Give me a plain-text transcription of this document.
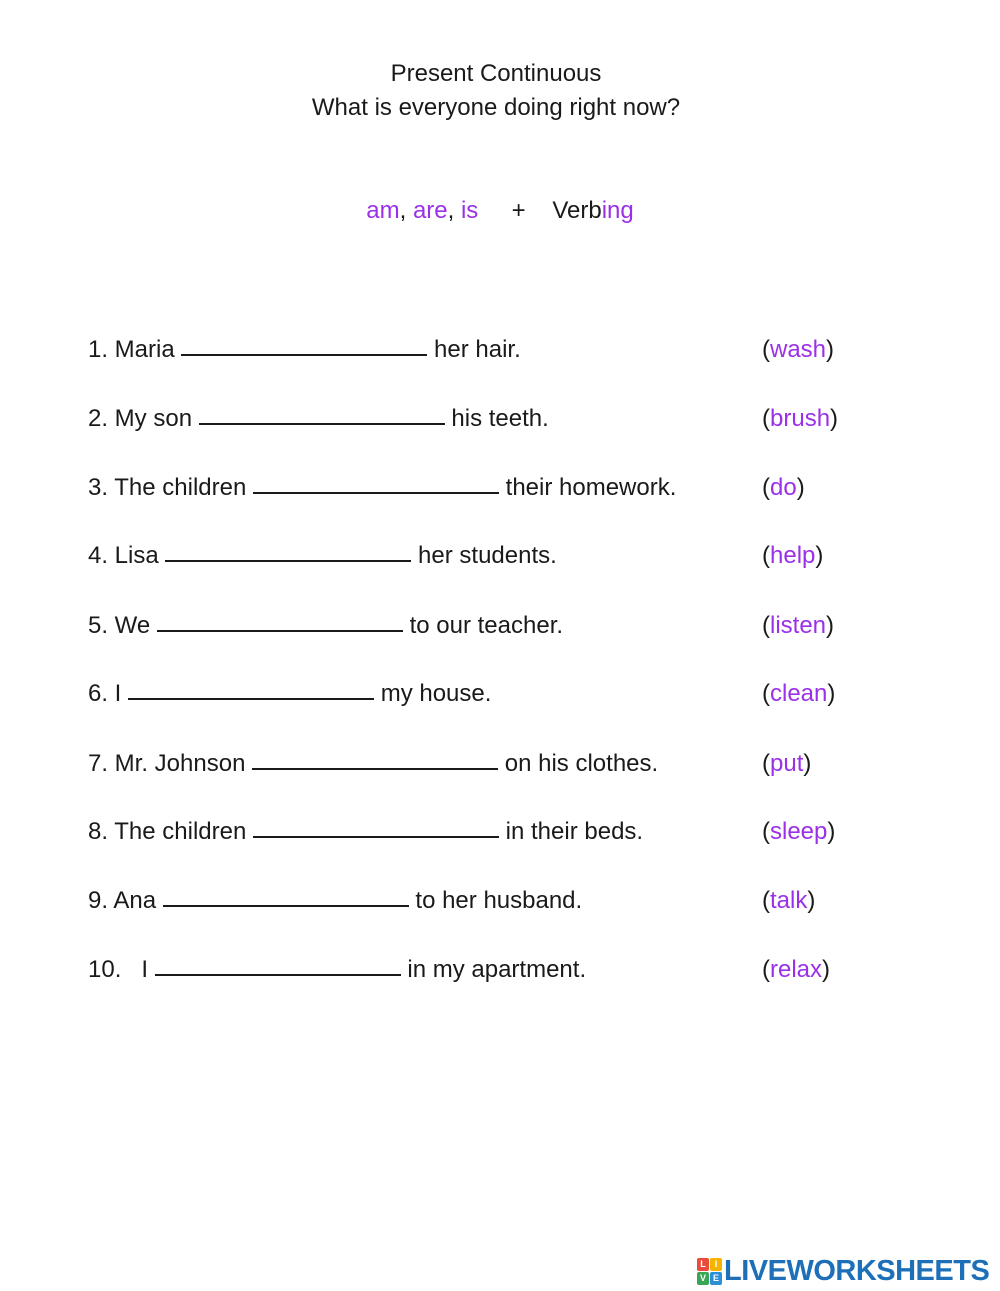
Present Continuous
What is everyone doing right now?
am, are, is     +    Verbing
1. Maria	her hair.	(wash)
2. My son	his teeth.	(brush)
3. The children	their homework.	(do)
4. Lisa	her students.	(help)
5. We	to our teacher.	(listen)
6. I	my house.	(clean)
7. Mr. Johnson	on his clothes.	(put)
8. The children	in their beds.	(sleep)
9. Ana	to her husband.	(talk)
10.   I	in my apartment.	(relax)
L I
V E LIVEWORKSHEETS
